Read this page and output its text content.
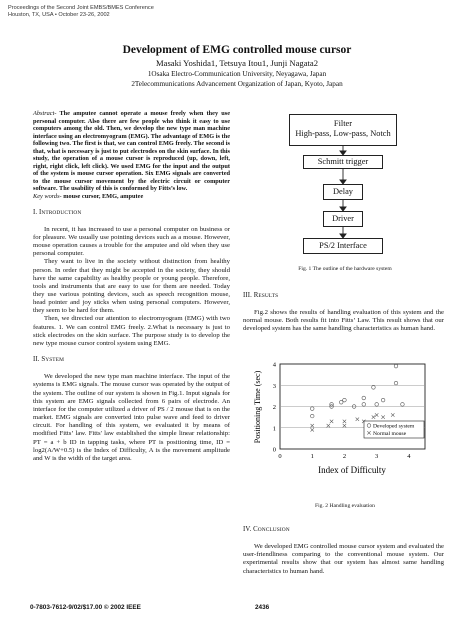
Proceedings of the Second Joint EMBS/BMES Conference
Houston, TX, USA • October 23-26, 2002
Development of EMG controlled mouse cursor
Masaki Yoshida1, Tetsuya Itou1, Junji Nagata2
1Osaka Electro-Communication University, Neyagawa, Japan
2Telecommunications Advancement Organization of Japan, Kyoto, Japan

Abstract- The amputee cannot operate a mouse freely when they use personal computer. Also there are few people who think it easy to use computers among the old. Then, we develop the new type man machine interface using an electromyogram (EMG). The advantage of EMG is the following two. The first is that, we can control EMG freely. The second is that, what is necessary is just to put electrodes on the skin surface. In this study, the operation of a mouse cursor is reproduced (up, down, left, right, right click, left click). We used EMG for the input and the output of the system is mouse cursor operation. Six EMG signals are converted to the mouse cursor movement by the electric circuit or computer software. The usability of this is conformed by Fitts’s low.

Key words- mouse cursor, EMG, amputee

I. INTRODUCTION

In recent, it has increased to use a personal computer on business or for pleasure. We usually use pointing devices such as a mouse. However, mouse operation causes a trouble for the amputee and old when they use personal computer.

They want to live in the society without distinction from healthy person. In order that they might be accepted in the society, they should have the same capability as healthy people or young people. Therefore, tools and instruments that are easy to use for them are needed. Today they use various pointing devices, such as speech recognition mouse, head pointer and joy sticks when using personal computers. However, they seem to be hard for them.

Then, we directed our attention to electromyogram (EMG) with two features. 1. We can control EMG freely. 2.What is necessary is just to stick electrodes on the skin surface. The purpose study is to develop the new type mouse cursor control system using EMG.

II. SYSTEM

We developed the new type man machine interface. The input of the systems is EMG signals. The mouse cursor was operated by the output of the system. The outline of our system is shown in Fig.1. Input signals for this system are EMG signals collected from 6 pairs of electrode. An interface for the computer utilized a driver of PS / 2 mouse that is on the market. EMG signals are converted into pulse wave and feed to driver circuit. For handling of this system, we evaluated it by means of modified Fitts’ law. Fitts' law established the simple linear relationship: PT = a + b ID in tapping tasks, where PT is positioning time, ID = log2(A/W+0.5) is the Index of Difficulty, A is the movement amplitude and W is the width of the target area.

Filter
High-pass, Low-pass, Notch
Schmitt trigger
Delay
Driver
PS/2 Interface
Fig. 1 The outline of the hardware system

III. RESULTS

Fig.2 shows the results of handling evaluation of this system and the normal mouse. Both results fit into Fitts’ Law. This result shows that our developed system has the same handling characteristics as human hand.

0
1
2
3
4
0	1	2	3	4
Positioning Time (sec)
Index of Difficulty
Developed system
Normal mouse
Fig. 2 Handling evaluation

IV. CONCLUSION

We developed EMG controlled mouse cursor system and evaluated the user-friendliness comparing to the conventional mouse system. Our experimental results show that our system has almost same handling characteristics to human hand.

0-7803-7612-9/02/$17.00 © 2002 IEEE	2436
